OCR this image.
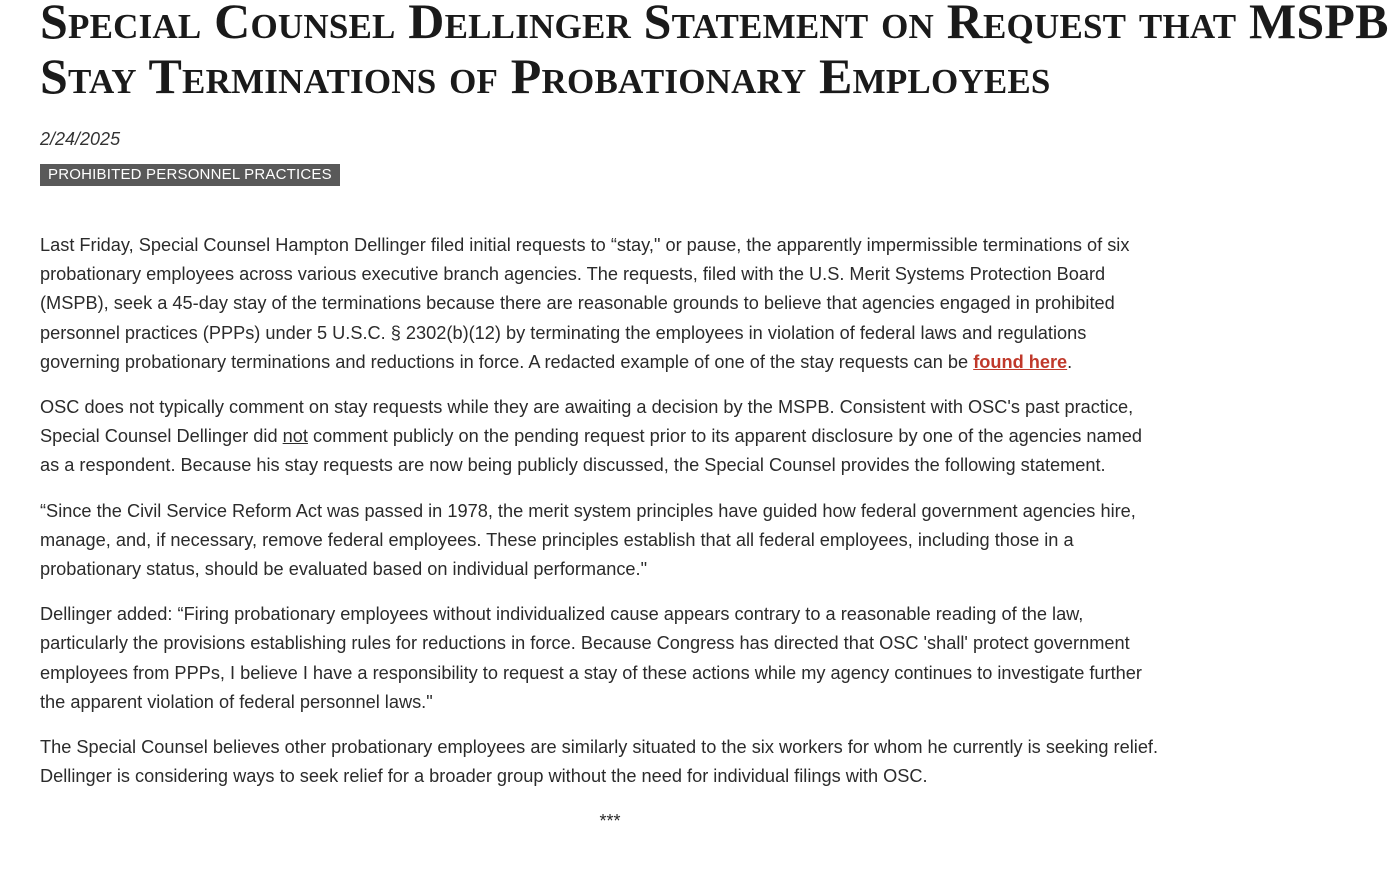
Special Counsel Dellinger Statement on Request that MSPB
Stay Terminations of Probationary Employees
2/24/2025
PROHIBITED PERSONNEL PRACTICES

Last Friday, Special Counsel Hampton Dellinger filed initial requests to “stay," or pause, the apparently impermissible terminations of six probationary employees across various executive branch agencies. The requests, filed with the U.S. Merit Systems Protection Board (MSPB), seek a 45-day stay of the terminations because there are reasonable grounds to believe that agencies engaged in prohibited personnel practices (PPPs) under 5 U.S.C. § 2302(b)(12) by terminating the employees in violation of federal laws and regulations governing probationary terminations and reductions in force. A redacted example of one of the stay requests can be found here.

OSC does not typically comment on stay requests while they are awaiting a decision by the MSPB. Consistent with OSC's past practice, Special Counsel Dellinger did not comment publicly on the pending request prior to its apparent disclosure by one of the agencies named as a respondent. Because his stay requests are now being publicly discussed, the Special Counsel provides the following statement.

“Since the Civil Service Reform Act was passed in 1978, the merit system principles have guided how federal government agencies hire, manage, and, if necessary, remove federal employees. These principles establish that all federal employees, including those in a probationary status, should be evaluated based on individual performance."

Dellinger added: “Firing probationary employees without individualized cause appears contrary to a reasonable reading of the law, particularly the provisions establishing rules for reductions in force. Because Congress has directed that OSC 'shall' protect government employees from PPPs, I believe I have a responsibility to request a stay of these actions while my agency continues to investigate further the apparent violation of federal personnel laws."

The Special Counsel believes other probationary employees are similarly situated to the six workers for whom he currently is seeking relief. Dellinger is considering ways to seek relief for a broader group without the need for individual filings with OSC.

***
